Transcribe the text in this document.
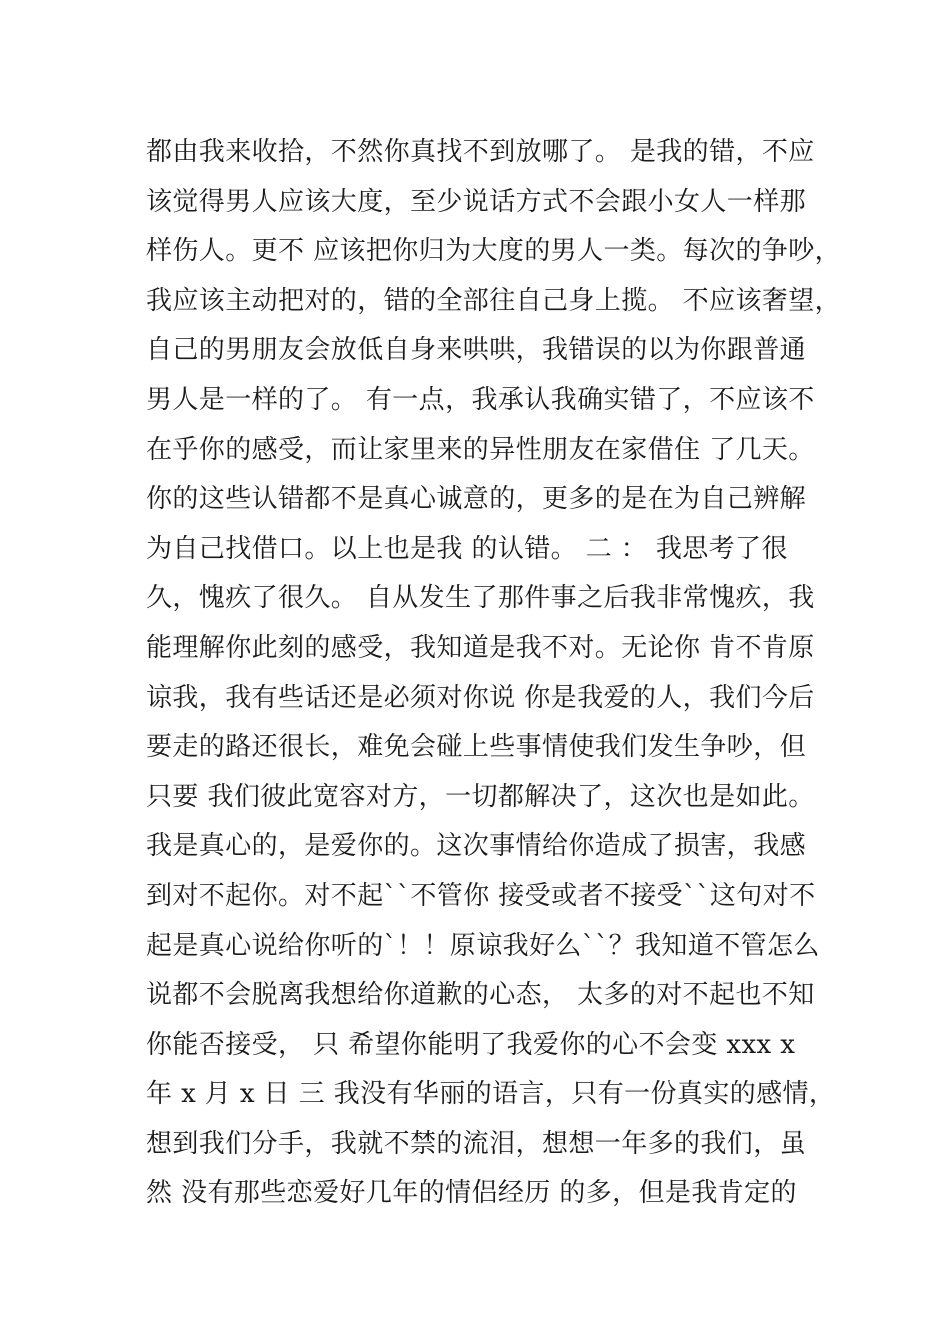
都由我来收拾，不然你真找不到放哪了。 是我的错，不应
该觉得男人应该大度，至少说话方式不会跟小女人一样那
样伤人。更不 应该把你归为大度的男人一类。每次的争吵，
我应该主动把对的，错的全部往自己身上揽。 不应该奢望，
自己的男朋友会放低自身来哄哄，我错误的以为你跟普通
男人是一样的了。 有一点，我承认我确实错了，不应该不
在乎你的感受，而让家里来的异性朋友在家借住 了几天。
你的这些认错都不是真心诚意的，更多的是在为自己辨解
为自己找借口。以上也是我 的认错。 二 ： 我思考了很
久，愧疚了很久。 自从发生了那件事之后我非常愧疚，我
能理解你此刻的感受，我知道是我不对。无论你 肯不肯原
谅我，我有些话还是必须对你说 你是我爱的人，我们今后
要走的路还很长，难免会碰上些事情使我们发生争吵，但
只要 我们彼此宽容对方，一切都解决了，这次也是如此。
我是真心的，是爱你的。这次事情给你造成了损害，我感
到对不起你。对不起``不管你 接受或者不接受``这句对不
起是真心说给你听的`！！原谅我好么``？我知道不管怎么
说都不会脱离我想给你道歉的心态， 太多的对不起也不知
你能否接受， 只 希望你能明了我爱你的心不会变 xxx x
年 x 月 x 日 三 我没有华丽的语言，只有一份真实的感情，
想到我们分手，我就不禁的流泪，想想一年多的我们，虽
然 没有那些恋爱好几年的情侣经历 的多，但是我肯定的
